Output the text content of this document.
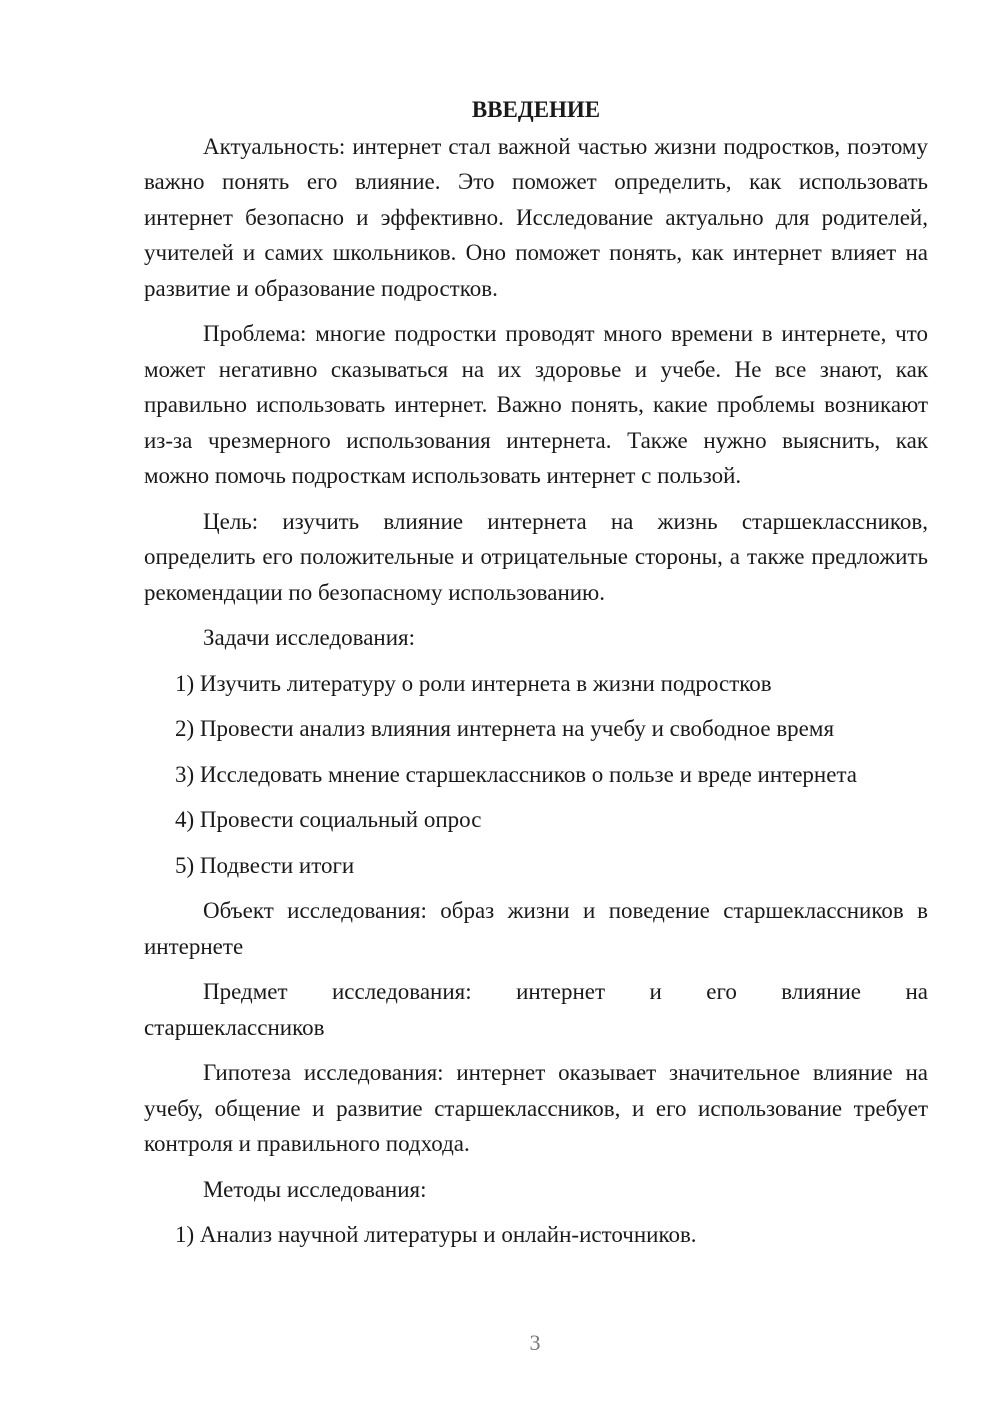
ВВЕДЕНИЕ

Актуальность: интернет стал важной частью жизни подростков, поэтому важно понять его влияние. Это поможет определить, как использовать интернет безопасно и эффективно. Исследование актуально для родителей, учителей и самих школьников. Оно поможет понять, как интернет влияет на развитие и образование подростков.

Проблема: многие подростки проводят много времени в интернете, что может негативно сказываться на их здоровье и учебе. Не все знают, как правильно использовать интернет. Важно понять, какие проблемы возникают из-за чрезмерного использования интернета. Также нужно выяснить, как можно помочь подросткам использовать интернет с пользой.

Цель: изучить влияние интернета на жизнь старшеклассников, определить его положительные и отрицательные стороны, а также предложить рекомендации по безопасному использованию.

Задачи исследования:

1) Изучить литературу о роли интернета в жизни подростков
2) Провести анализ влияния интернета на учебу и свободное время
3) Исследовать мнение старшеклассников о пользе и вреде интернета
4) Провести социальный опрос
5) Подвести итоги

Объект исследования: образ жизни и поведение старшеклассников в интернете

Предмет исследования: интернет и его влияние на
старшеклассников

Гипотеза исследования: интернет оказывает значительное влияние на учебу, общение и развитие старшеклассников, и его использование требует контроля и правильного подхода.

Методы исследования:

1) Анализ научной литературы и онлайн-источников.
3
